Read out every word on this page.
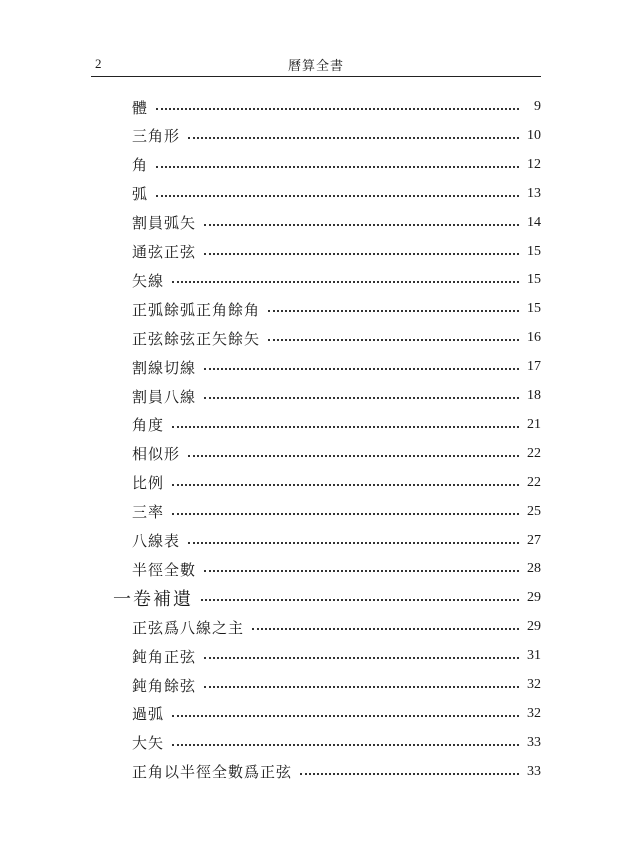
2	曆算全書
體	9
三角形	10
角	12
弧	13
割員弧矢	14
通弦正弦	15
矢線	15
正弧餘弧正角餘角	15
正弦餘弦正矢餘矢	16
割線切線	17
割員八線	18
角度	21
相似形	22
比例	22
三率	25
八線表	27
半徑全數	28
一卷補遺	29
正弦爲八線之主	29
鈍角正弦	31
鈍角餘弦	32
過弧	32
大矢	33
正角以半徑全數爲正弦	33
